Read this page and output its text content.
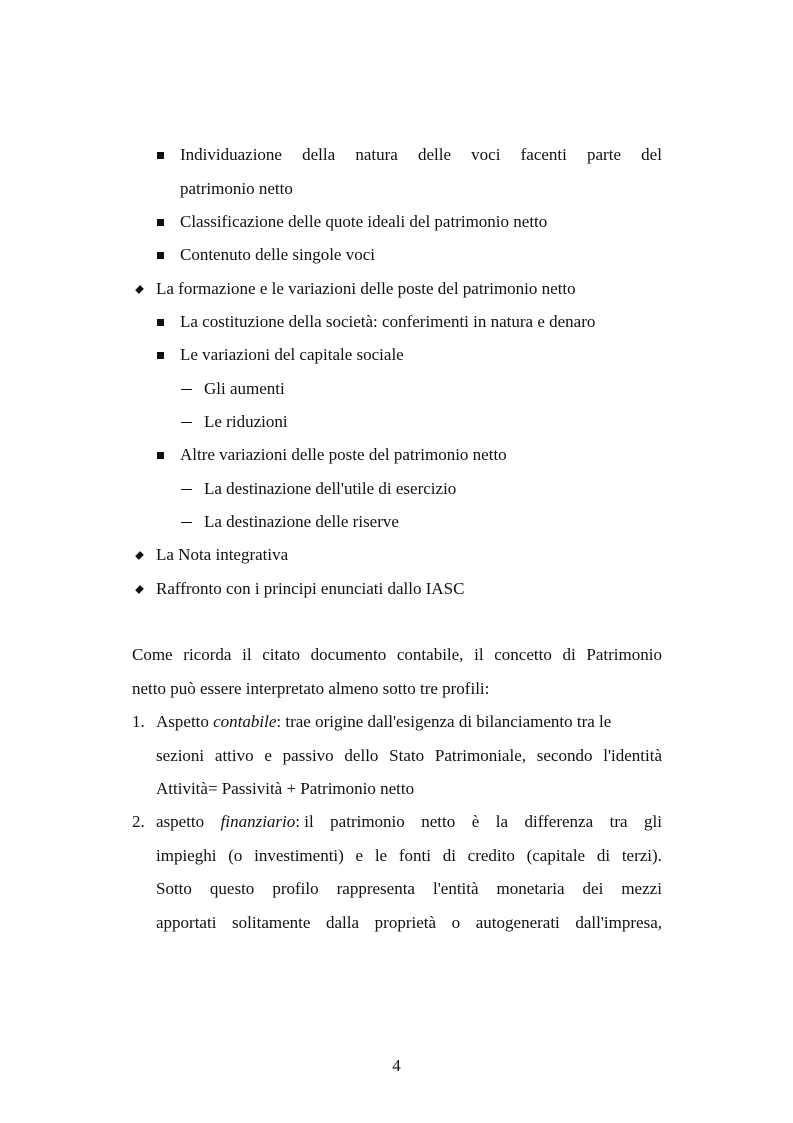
Individuazione della natura delle voci facenti parte del
patrimonio netto
Classificazione delle quote ideali del patrimonio netto
Contenuto delle singole voci
La formazione e le variazioni delle poste del patrimonio netto
La costituzione della società: conferimenti in natura e denaro
Le variazioni del capitale sociale
Gli aumenti
Le riduzioni
Altre variazioni delle poste del patrimonio netto
La destinazione dell'utile di esercizio
La destinazione delle riserve
La Nota integrativa
Raffronto con i principi enunciati dallo IASC
Come ricorda il citato documento contabile, il concetto di Patrimonio
netto può essere interpretato almeno sotto tre profili:
1. Aspetto contabile: trae origine dall'esigenza di bilanciamento tra le
sezioni attivo e passivo dello Stato Patrimoniale, secondo l'identità
Attività= Passività + Patrimonio netto
2. aspetto finanziario: il patrimonio netto è la differenza tra gli
impieghi (o investimenti) e le fonti di credito (capitale di terzi).
Sotto questo profilo rappresenta l'entità monetaria dei mezzi
apportati solitamente dalla proprietà o autogenerati dall'impresa,
4
